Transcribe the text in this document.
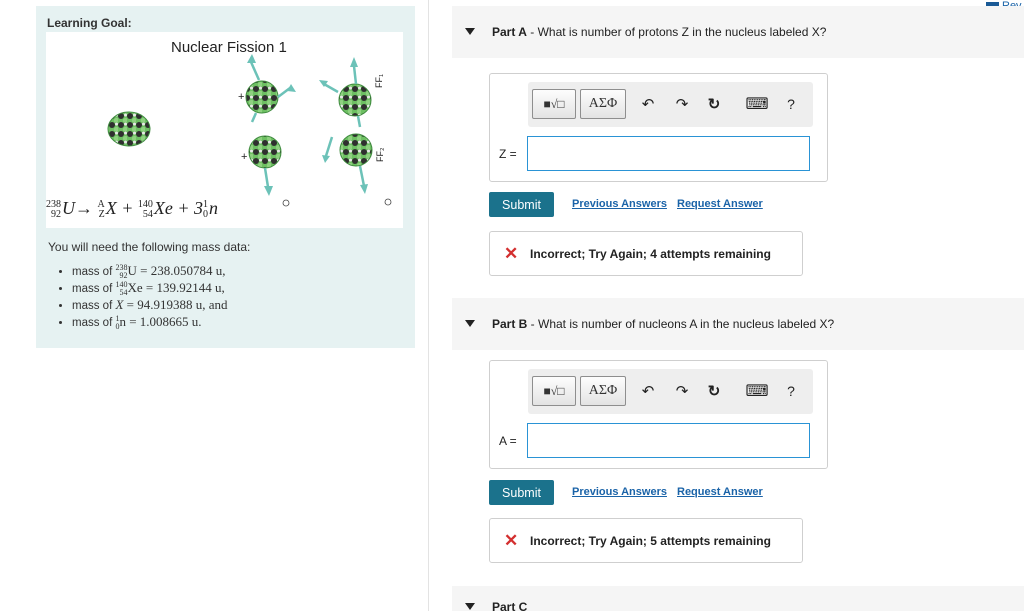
Learning Goal:
+
+
FF₁
FF₂
Nuclear Fission 1
238
92 U→ A
Z X + 140
54 Xe + 3 1
0 n
You will need the following mass data:
• mass of 238
92 U = 238.050784 u,
• mass of 140
54 Xe = 139.92144 u,
• mass of X = 94.919388 u, and
• mass of 1
0 n = 1.008665 u.
Part A - What is number of protons Z in the nucleus labeled X?
■√□	ΑΣΦ	↶	↷	↻ ⌨	?
Z =
Submit	Previous Answers Request Answer
✕ Incorrect; Try Again; 4 attempts remaining
Part B - What is number of nucleons A in the nucleus labeled X?
■√□	ΑΣΦ	↶	↷	↻ ⌨	?
A =
Submit	Previous Answers Request Answer
✕ Incorrect; Try Again; 5 attempts remaining
Part C
